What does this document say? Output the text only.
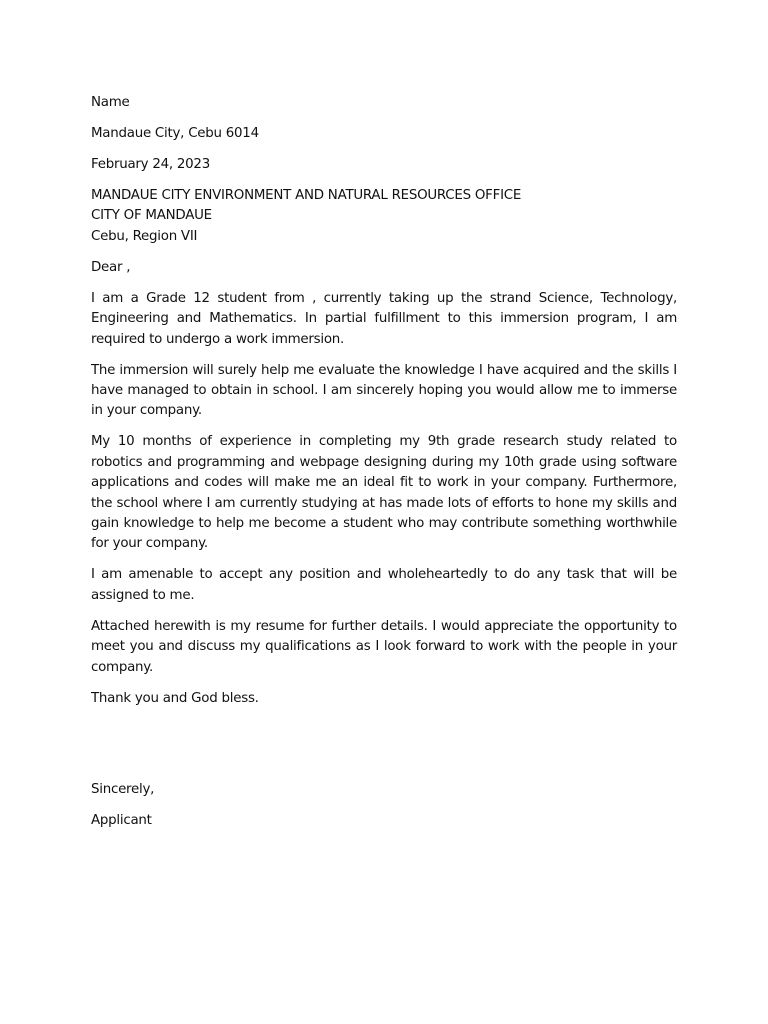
Name

Mandaue City, Cebu 6014

February 24, 2023

MANDAUE CITY ENVIRONMENT AND NATURAL RESOURCES OFFICE
CITY OF MANDAUE
Cebu, Region VII

Dear ,

I am a Grade 12 student from , currently taking up the strand Science, Technology, Engineering and Mathematics. In partial fulfillment to this immersion program, I am required to undergo a work immersion.

The immersion will surely help me evaluate the knowledge I have acquired and the skills I have managed to obtain in school. I am sincerely hoping you would allow me to immerse in your company.

My 10 months of experience in completing my 9th grade research study related to robotics and programming and webpage designing during my 10th grade using software applications and codes will make me an ideal fit to work in your company. Furthermore, the school where I am currently studying at has made lots of efforts to hone my skills and gain knowledge to help me become a student who may contribute something worthwhile for your company.

I am amenable to accept any position and wholeheartedly to do any task that will be assigned to me.

Attached herewith is my resume for further details. I would appreciate the opportunity to meet you and discuss my qualifications as I look forward to work with the people in your company.

Thank you and God bless.

Sincerely,

Applicant
